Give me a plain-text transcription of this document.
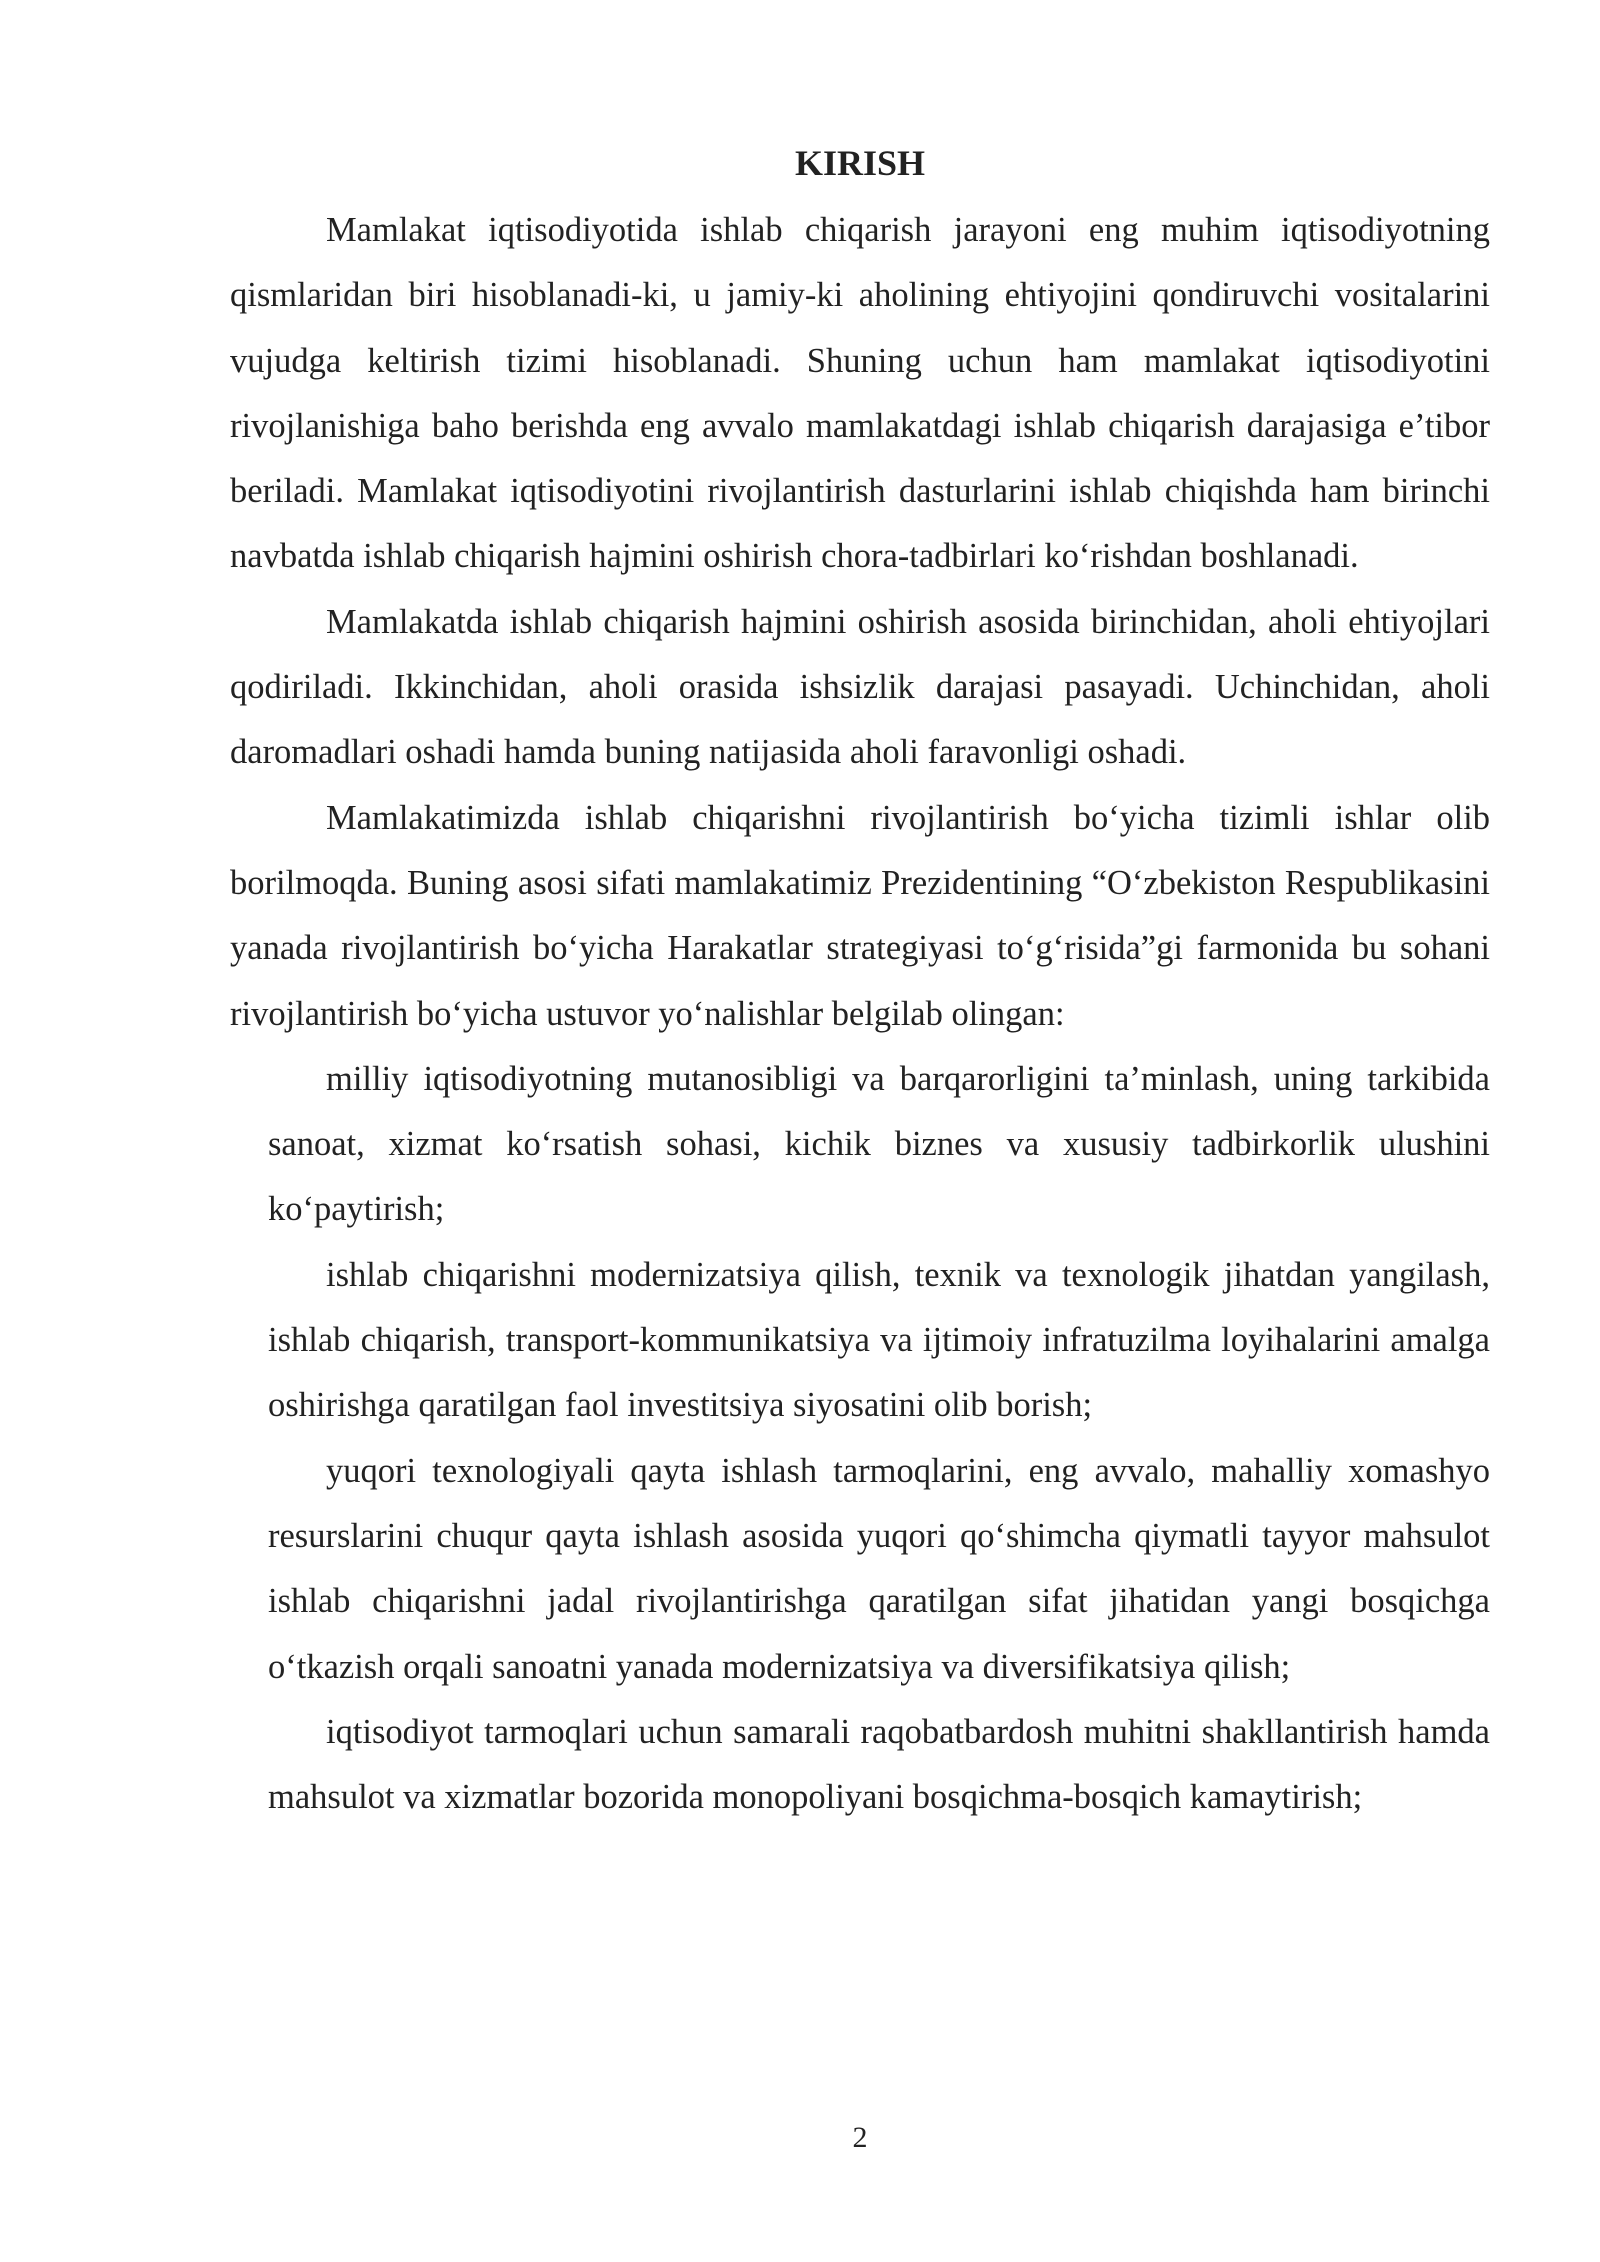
KIRISH

Mamlakat iqtisodiyotida ishlab chiqarish jarayoni eng muhim iqtisodiyotning qismlaridan biri hisoblanadi-ki, u jamiy-ki aholining ehtiyojini qondiruvchi vositalarini vujudga keltirish tizimi hisoblanadi. Shuning uchun ham mamlakat iqtisodiyotini rivojlanishiga baho berishda eng avvalo mamlakatdagi ishlab chiqarish darajasiga e’tibor beriladi. Mamlakat iqtisodiyotini rivojlantirish dasturlarini ishlab chiqishda ham birinchi navbatda ishlab chiqarish hajmini oshirish chora-tadbirlari ko‘rishdan boshlanadi.

Mamlakatda ishlab chiqarish hajmini oshirish asosida birinchidan, aholi ehtiyojlari qodiriladi. Ikkinchidan, aholi orasida ishsizlik darajasi pasayadi. Uchinchidan, aholi daromadlari oshadi hamda buning natijasida aholi faravonligi oshadi.

Mamlakatimizda ishlab chiqarishni rivojlantirish bo‘yicha tizimli ishlar olib borilmoqda. Buning asosi sifati mamlakatimiz Prezidentining “O‘zbekiston Respublikasini yanada rivojlantirish bo‘yicha Harakatlar strategiyasi to‘g‘risida”gi farmonida bu sohani rivojlantirish bo‘yicha ustuvor yo‘nalishlar belgilab olingan:

milliy iqtisodiyotning mutanosibligi va barqarorligini ta’minlash, uning tarkibida sanoat, xizmat ko‘rsatish sohasi, kichik biznes va xususiy tadbirkorlik ulushini ko‘paytirish;

ishlab chiqarishni modernizatsiya qilish, texnik va texnologik jihatdan yangilash, ishlab chiqarish, transport-kommunikatsiya va ijtimoiy infratuzilma loyihalarini amalga oshirishga qaratilgan faol investitsiya siyosatini olib borish;

yuqori texnologiyali qayta ishlash tarmoqlarini, eng avvalo, mahalliy xomashyo resurslarini chuqur qayta ishlash asosida yuqori qo‘shimcha qiymatli tayyor mahsulot ishlab chiqarishni jadal rivojlantirishga qaratilgan sifat jihatidan yangi bosqichga o‘tkazish orqali sanoatni yanada modernizatsiya va diversifikatsiya qilish;

iqtisodiyot tarmoqlari uchun samarali raqobatbardosh muhitni shakllantirish hamda mahsulot va xizmatlar bozorida monopoliyani bosqichma-bosqich kamaytirish;

2
